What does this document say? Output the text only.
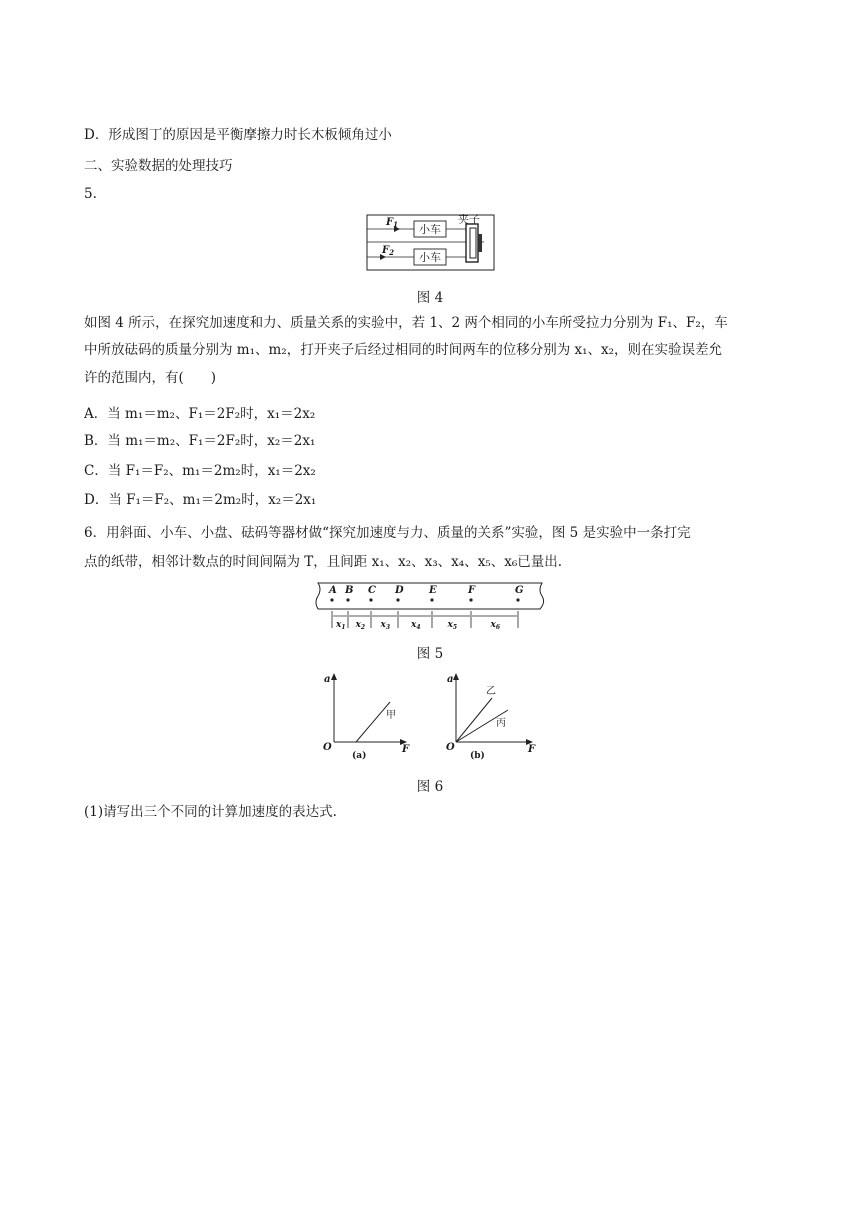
D．形成图丁的原因是平衡摩擦力时长木板倾角过小
二、实验数据的处理技巧
5.
小车
小车
夹子
$F_1$
$F_2$
图 4
如图 4 所示，在探究加速度和力、质量关系的实验中，若 1、2 两个相同的小车所受拉力分别为 F₁、F₂，车
中所放砝码的质量分别为 m₁、m₂，打开夹子后经过相同的时间两车的位移分别为 x₁、x₂，则在实验误差允
许的范围内，有(　　)
A．当 m₁＝m₂、F₁＝2F₂时，x₁＝2x₂
B．当 m₁＝m₂、F₁＝2F₂时，x₂＝2x₁
C．当 F₁＝F₂、m₁＝2m₂时，x₁＝2x₂
D．当 F₁＝F₂、m₁＝2m₂时，x₂＝2x₁
6．用斜面、小车、小盘、砝码等器材做“探究加速度与力、质量的关系”实验，图 5 是实验中一条打完
点的纸带，相邻计数点的时间间隔为 T，且间距 x₁、x₂、x₃、x₄、x₅、x₆已量出.
A B C D	E	F	G
$x_1$ $x_2$ $x_3$ $x_4$	$x_5$	$x_6$
图 5
a
O	F
甲
(a)
a
O	F
乙
丙
(b)
图 6
(1)请写出三个不同的计算加速度的表达式.
